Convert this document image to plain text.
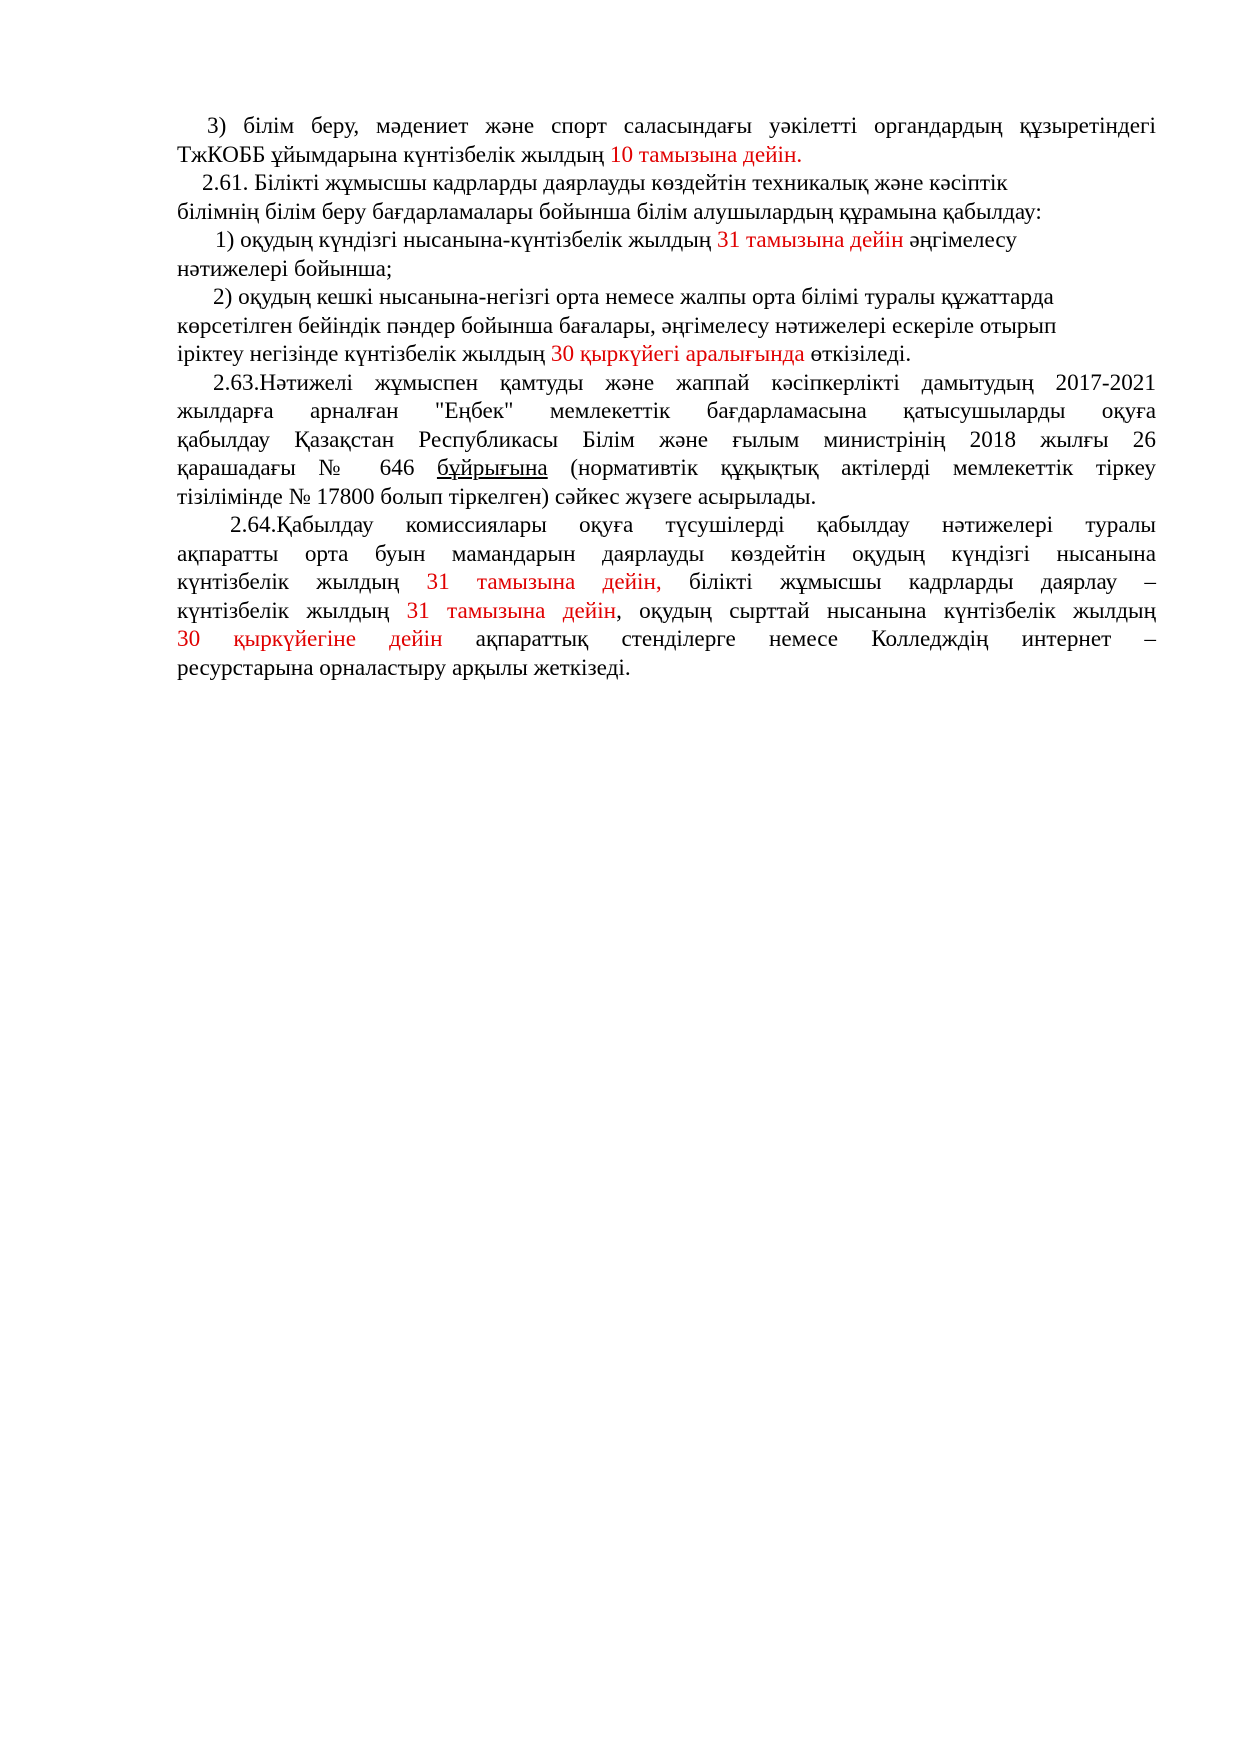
3) білім беру, мәдениет және спорт саласындағы уәкілетті органдардың құзыретіндегі
ТжКОББ ұйымдарына күнтізбелік жылдың 10 тамызына дейін.

2.61. Білікті жұмысшы кадрларды даярлауды көздейтін техникалық және кәсіптік
білімнің білім беру бағдарламалары бойынша білім алушылардың құрамына қабылдау:

1) оқудың күндізгі нысанына-күнтізбелік жылдың 31 тамызына дейін әңгімелесу
нәтижелері бойынша;

2) оқудың кешкі нысанына-негізгі орта немесе жалпы орта білімі туралы құжаттарда
көрсетілген бейіндік пәндер бойынша бағалары, әңгімелесу нәтижелері ескеріле отырып
іріктеу негізінде күнтізбелік жылдың 30 қыркүйегі аралығында өткізіледі.

2.63.Нәтижелі жұмыспен қамтуды және жаппай кәсіпкерлікті дамытудың 2017-2021
жылдарға арналған "Еңбек" мемлекеттік бағдарламасына қатысушыларды оқуға
қабылдау Қазақстан Республикасы Білім және ғылым министрінің 2018 жылғы 26
қарашадағы № 646 бұйрығына (нормативтік құқықтық актілерді мемлекеттік тіркеу
тізілімінде № 17800 болып тіркелген) сәйкес жүзеге асырылады.

2.64.Қабылдау комиссиялары оқуға түсушілерді қабылдау нәтижелері туралы
ақпаратты орта буын мамандарын даярлауды көздейтін оқудың күндізгі нысанына
күнтізбелік жылдың 31 тамызына дейін, білікті жұмысшы кадрларды даярлау –
күнтізбелік жылдың 31 тамызына дейін, оқудың сырттай нысанына күнтізбелік жылдың
30 қыркүйегіне дейін ақпараттық стенділерге немесе Колледждің интернет –
ресурстарына орналастыру арқылы жеткізеді.
